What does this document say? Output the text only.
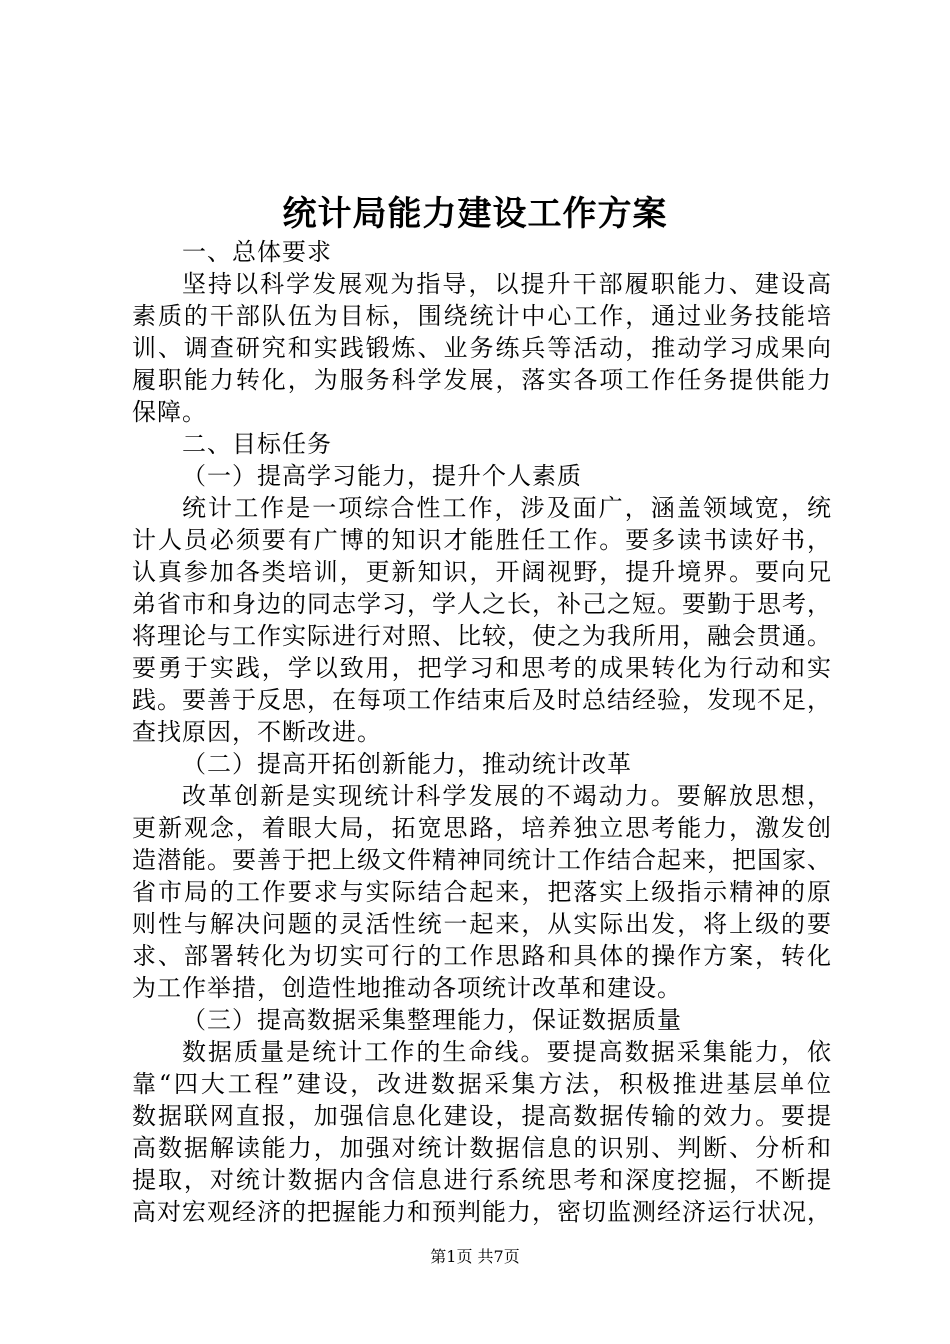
统计局能力建设工作方案
一、总体要求
坚持以科学发展观为指导，以提升干部履职能力、建设高
素质的干部队伍为目标，围绕统计中心工作，通过业务技能培
训、调查研究和实践锻炼、业务练兵等活动，推动学习成果向
履职能力转化，为服务科学发展，落实各项工作任务提供能力
保障。
二、目标任务
（一）提高学习能力，提升个人素质
统计工作是一项综合性工作，涉及面广，涵盖领域宽，统
计人员必须要有广博的知识才能胜任工作。要多读书读好书，
认真参加各类培训，更新知识，开阔视野，提升境界。要向兄
弟省市和身边的同志学习，学人之长，补己之短。要勤于思考，
将理论与工作实际进行对照、比较，使之为我所用，融会贯通。
要勇于实践，学以致用，把学习和思考的成果转化为行动和实
践。要善于反思，在每项工作结束后及时总结经验，发现不足，
查找原因，不断改进。
（二）提高开拓创新能力，推动统计改革
改革创新是实现统计科学发展的不竭动力。要解放思想，
更新观念，着眼大局，拓宽思路，培养独立思考能力，激发创
造潜能。要善于把上级文件精神同统计工作结合起来，把国家、
省市局的工作要求与实际结合起来，把落实上级指示精神的原
则性与解决问题的灵活性统一起来，从实际出发，将上级的要
求、部署转化为切实可行的工作思路和具体的操作方案，转化
为工作举措，创造性地推动各项统计改革和建设。
（三）提高数据采集整理能力，保证数据质量
数据质量是统计工作的生命线。要提高数据采集能力，依
靠“四大工程”建设，改进数据采集方法，积极推进基层单位
数据联网直报，加强信息化建设，提高数据传输的效力。要提
高数据解读能力，加强对统计数据信息的识别、判断、分析和
提取，对统计数据内含信息进行系统思考和深度挖掘，不断提
高对宏观经济的把握能力和预判能力，密切监测经济运行状况，
第1页 共7页
